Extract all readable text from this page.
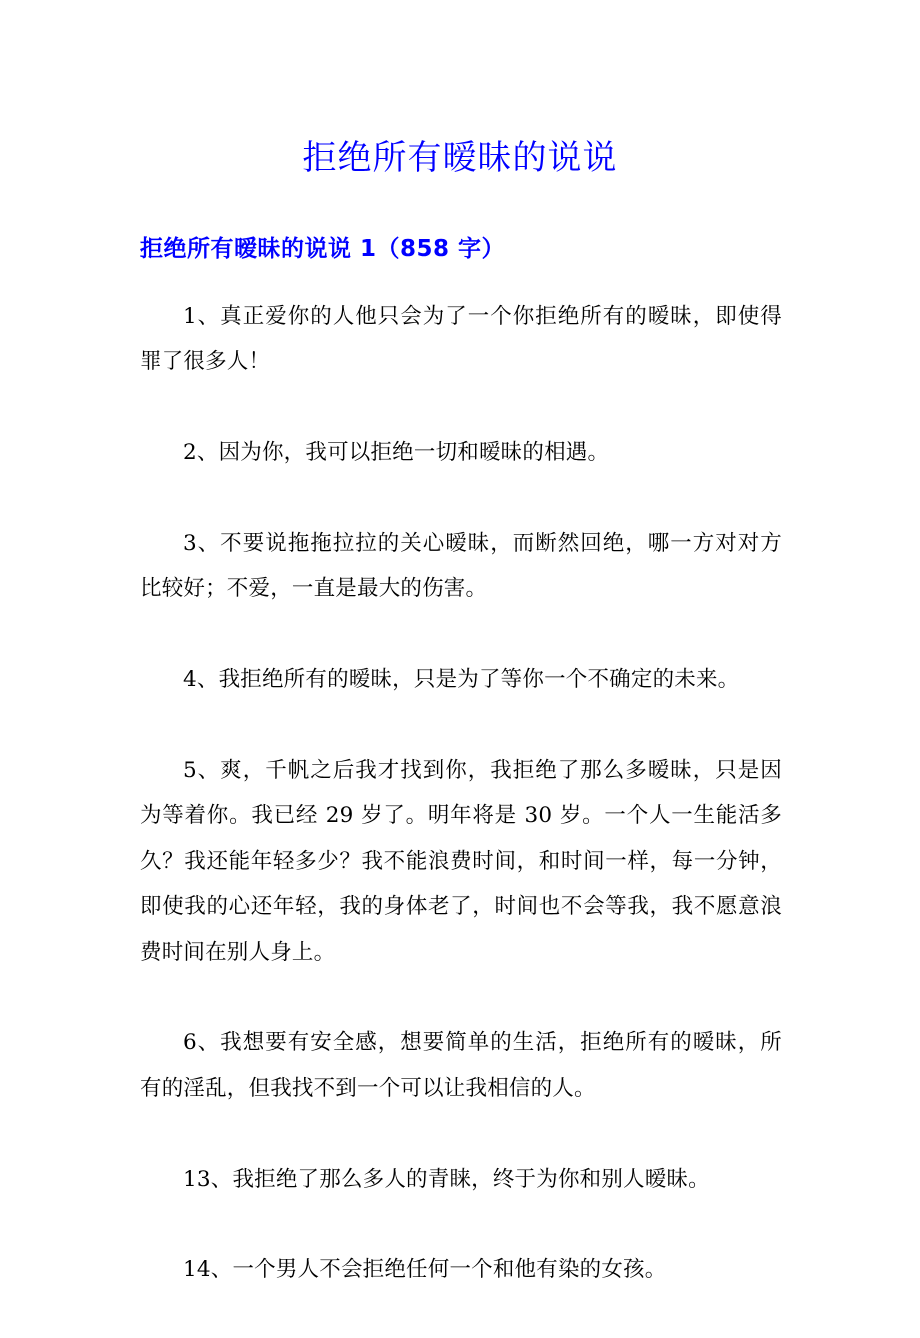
拒绝所有暧昧的说说
拒绝所有暧昧的说说 1（858 字）

1、真正爱你的人他只会为了一个你拒绝所有的暧昧，即使得罪了很多人！

2、因为你，我可以拒绝一切和暧昧的相遇。

3、不要说拖拖拉拉的关心暧昧，而断然回绝，哪一方对对方比较好；不爱，一直是最大的伤害。

4、我拒绝所有的暧昧，只是为了等你一个不确定的未来。

5、爽，千帆之后我才找到你，我拒绝了那么多暧昧，只是因为等着你。我已经 29 岁了。明年将是 30 岁。一个人一生能活多久？我还能年轻多少？我不能浪费时间，和时间一样，每一分钟，即使我的心还年轻，我的身体老了，时间也不会等我，我不愿意浪费时间在别人身上。

6、我想要有安全感，想要简单的生活，拒绝所有的暧昧，所有的淫乱，但我找不到一个可以让我相信的人。

13、我拒绝了那么多人的青睐，终于为你和别人暧昧。

14、一个男人不会拒绝任何一个和他有染的女孩。
